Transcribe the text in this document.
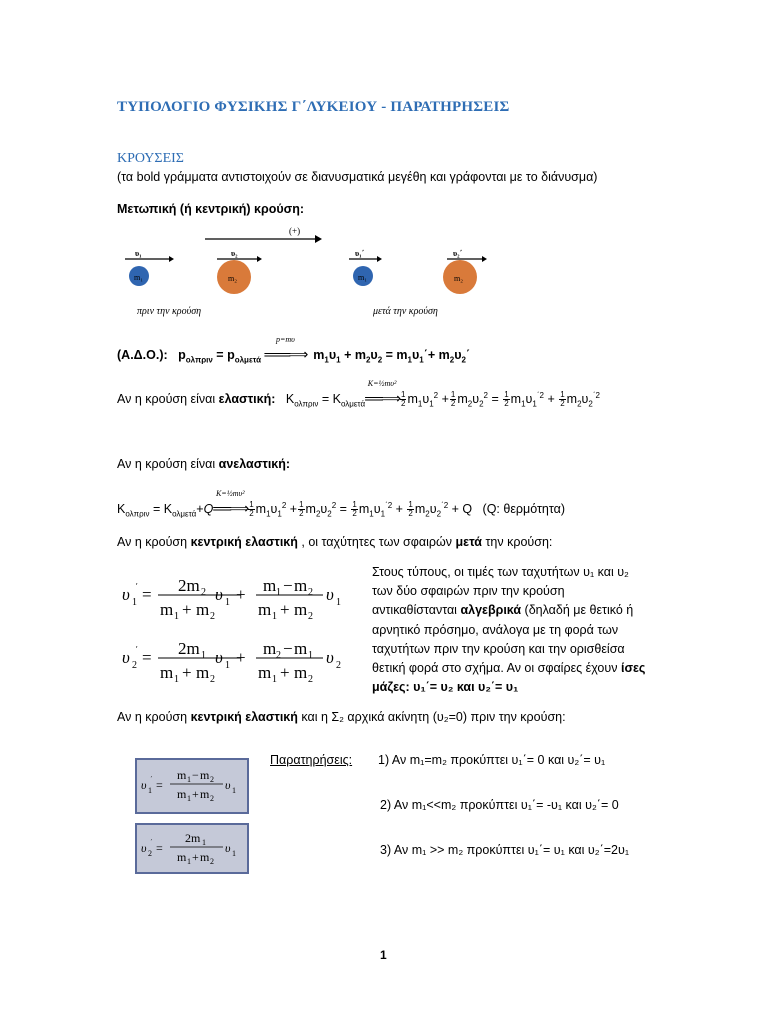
ΤΥΠΟΛΟΓΙΟ ΦΥΣΙΚΗΣ Γ΄ΛΥΚΕΙΟΥ - ΠΑΡΑΤΗΡΗΣΕΙΣ
ΚΡΟΥΣΕΙΣ
(τα bold γράμματα αντιστοιχούν σε διανυσματικά μεγέθη και γράφονται με το διάνυσμα)
Μετωπική (ή κεντρική) κρούση:
(+)
υ₁
m₁
υ₂
m₂
πριν την κρούση
υ₁΄
m₁
υ₂΄
m₂
μετά την κρούση
(Α.Δ.Ο.):   $p_{o\lambda\pi\rho\iota\nu} = p_{o\lambda\mu\varepsilon\tau ά}$
p=mυ
═══⟹  $m_1\upsilon_1 + m_2\upsilon_2 = m_1\upsilon_1΄+ m_2\upsilon_2΄$
Αν η κρούση είναι ελαστική:   $K_{o\lambda\pi\rho\iota\nu} = K_{o\lambda\mu\varepsilon\tau ά}$
K=½mυ²
══⟹ $\frac{1}{2} m_1\upsilon_1^2 + \frac{1}{2} m_2\upsilon_2^2 = \frac{1}{2} m_1\upsilon_1^{΄2} + \frac{1}{2} m_2\upsilon_2^{΄2}$
Αν η κρούση είναι ανελαστική:
$K_{o\lambda\pi\rho\iota\nu} = K_{o\lambda\mu\varepsilon\tau ά}+Q$
K=½mυ²
══⟹ $\frac{1}{2} m_1\upsilon_1^2 + \frac{1}{2} m_2\upsilon_2^2 = \frac{1}{2} m_1\upsilon_1^{΄2} + \frac{1}{2} m_2\upsilon_2^{΄2} + Q$   (Q: θερμότητα)
Αν η κρούση κεντρική ελαστική , οι ταχύτητες των σφαιρών μετά την κρούση:
υ 1
΄ = 2m 2
m 1 + m 2
υ 1 + m 1 − m 2
m 1 + m 2
υ 1
υ 2
΄ = 2m 1
m 1 + m 2
υ 1 + m 2 − m 1
m 1 + m 2
υ 2
Στους τύπους, οι τιμές των ταχυτήτων υ₁ και υ₂ των δύο σφαιρών πριν την κρούση αντικαθίστανται αλγεβρικά (δηλαδή με θετικό ή αρνητικό πρόσημο, ανάλογα με τη φορά των ταχυτήτων πριν την κρούση και την ορισθείσα θετική φορά στο σχήμα. Αν οι σφαίρες έχουν ίσες μάζες: υ₁΄= υ₂ και υ₂΄= υ₁
Αν η κρούση κεντρική ελαστική και η Σ₂ αρχικά ακίνητη (υ₂=0) πριν την κρούση:
υ 1
΄ =
m 1 − m 2
m 1 + m 2
υ 1
υ 2
΄ =
2m 1
m 1 + m 2
υ 1
Παρατηρήσεις: 1) Αν m₁=m₂ προκύπτει υ₁΄= 0 και υ₂΄= υ₁
2) Αν m₁<<m₂ προκύπτει υ₁΄= -υ₁ και υ₂΄= 0
3) Αν m₁ >> m₂ προκύπτει υ₁΄= υ₁ και υ₂΄=2υ₁
1
